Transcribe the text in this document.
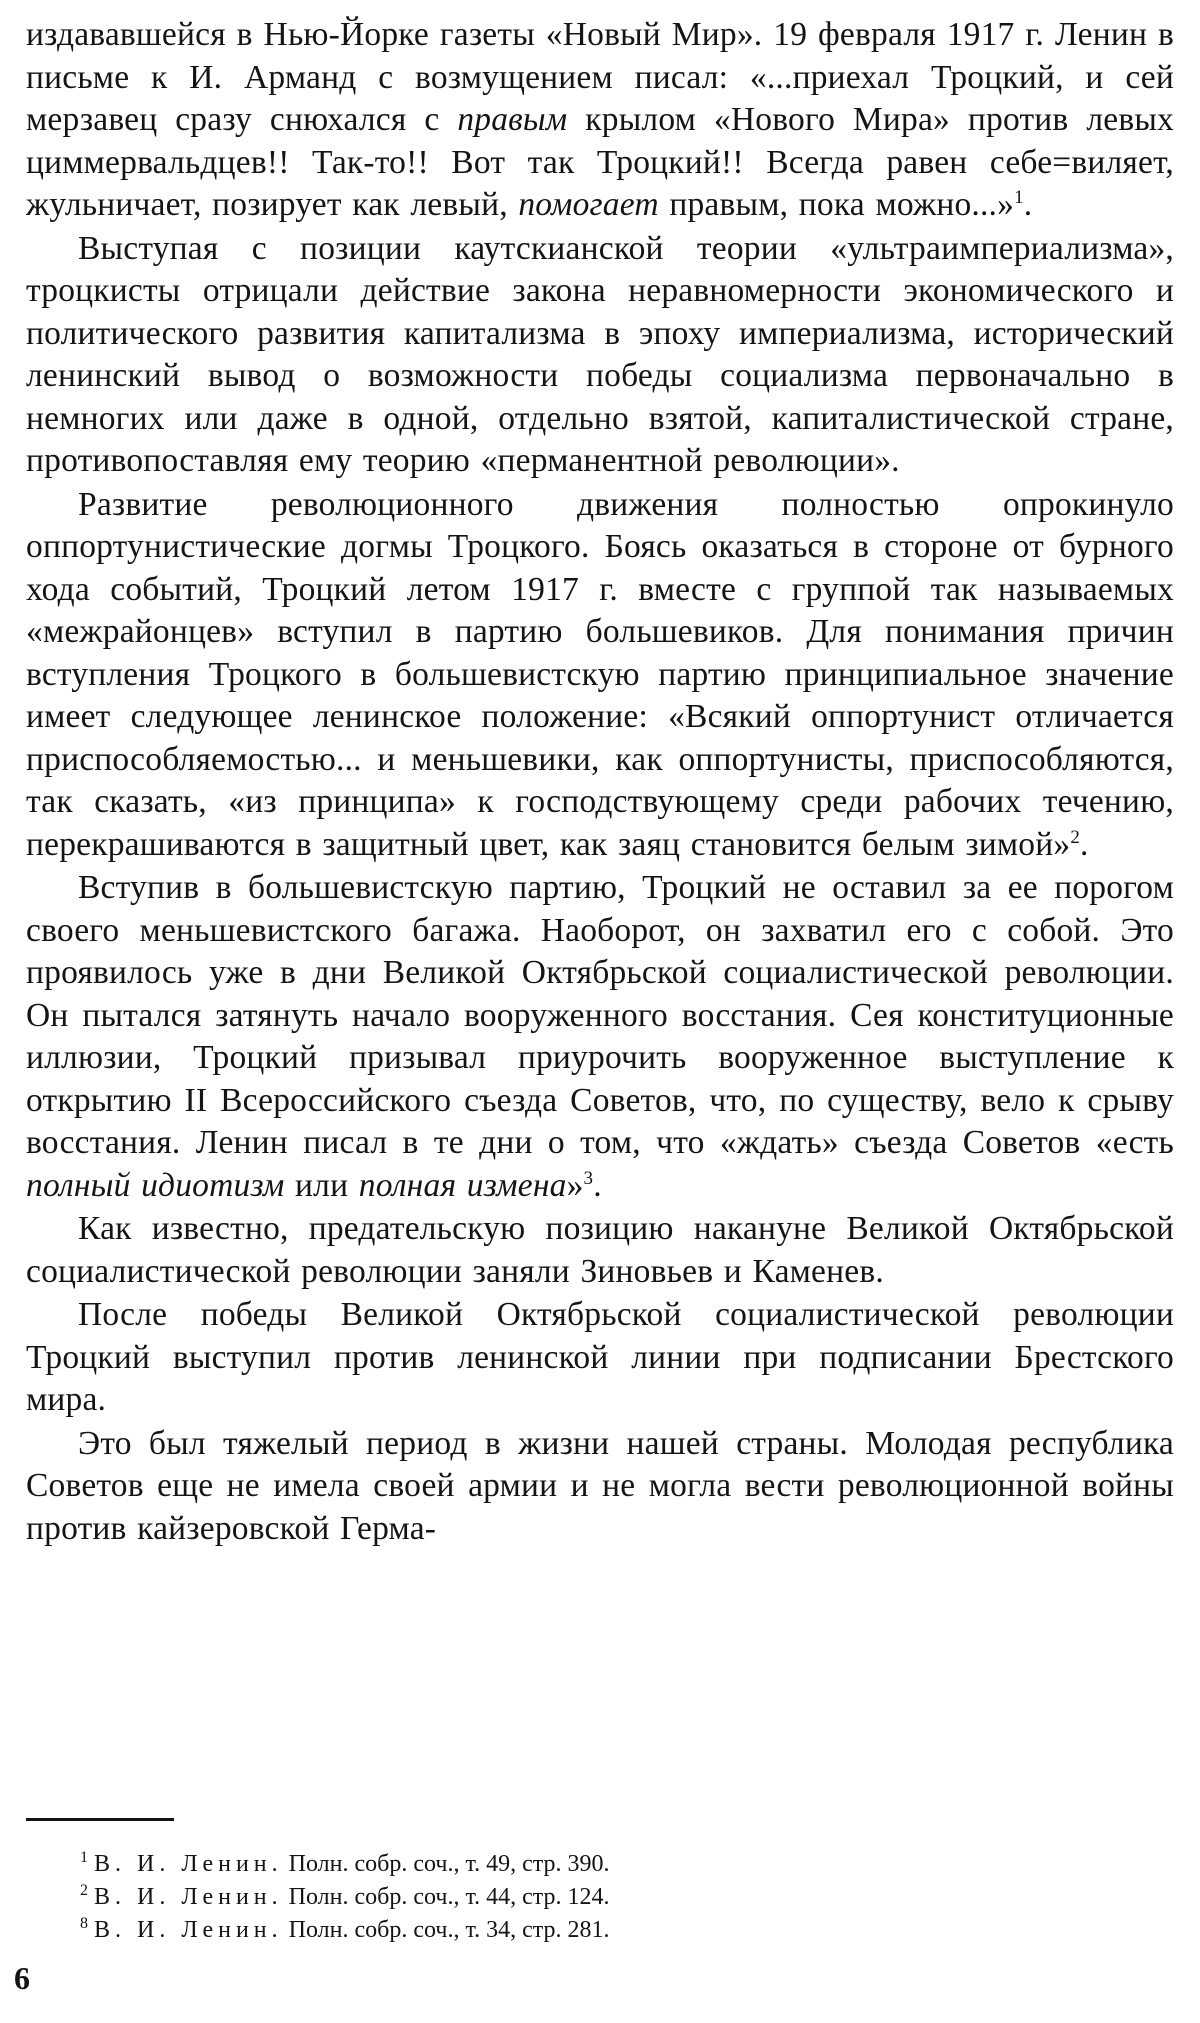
издававшейся в Нью-Йорке газеты «Новый Мир». 19 февраля 1917 г. Ленин в письме к И. Арманд с возмущением писал: «...приехал Троцкий, и сей мерзавец сразу снюхался с правым крылом «Нового Мира» против левых циммервальдцев!! Так-то!! Вот так Троцкий!! Всегда равен себе=виляет, жульничает, позирует как левый, помогает правым, пока можно...»$^1$.

Выступая с позиции каутскианской теории «ультраимпериализма», троцкисты отрицали действие закона неравномерности экономического и политического развития капитализма в эпоху империализма, исторический ленинский вывод о возможности победы социализма первоначально в немногих или даже в одной, отдельно взятой, капиталистической стране, противопоставляя ему теорию «перманентной революции».

Развитие революционного движения полностью опрокинуло оппортунистические догмы Троцкого. Боясь оказаться в стороне от бурного хода событий, Троцкий летом 1917 г. вместе с группой так называемых «межрайонцев» вступил в партию большевиков. Для понимания причин вступления Троцкого в большевистскую партию принципиальное значение имеет следующее ленинское положение: «Всякий оппортунист отличается приспособляемостью... и меньшевики, как оппортунисты, приспособляются, так сказать, «из принципа» к господствующему среди рабочих течению, перекрашиваются в защитный цвет, как заяц становится белым зимой»$^2$.

Вступив в большевистскую партию, Троцкий не оставил за ее порогом своего меньшевистского багажа. Наоборот, он захватил его с собой. Это проявилось уже в дни Великой Октябрьской социалистической революции. Он пытался затянуть начало вооруженного восстания. Сея конституционные иллюзии, Троцкий призывал приурочить вооруженное выступление к открытию II Всероссийского съезда Советов, что, по существу, вело к срыву восстания. Ленин писал в те дни о том, что «ждать» съезда Советов «есть полный идиотизм или полная измена»$^3$.

Как известно, предательскую позицию накануне Великой Октябрьской социалистической революции заняли Зиновьев и Каменев.

После победы Великой Октябрьской социалистической революции Троцкий выступил против ленинской линии при подписании Брестского мира.

Это был тяжелый период в жизни нашей страны. Молодая республика Советов еще не имела своей армии и не могла вести революционной войны против кайзеровской Герма-

$^1$ В. И. Ленин. Полн. собр. соч., т. 49, стр. 390.
$^2$ В. И. Ленин. Полн. собр. соч., т. 44, стр. 124.
$^8$ В. И. Ленин. Полн. собр. соч., т. 34, стр. 281.
6
